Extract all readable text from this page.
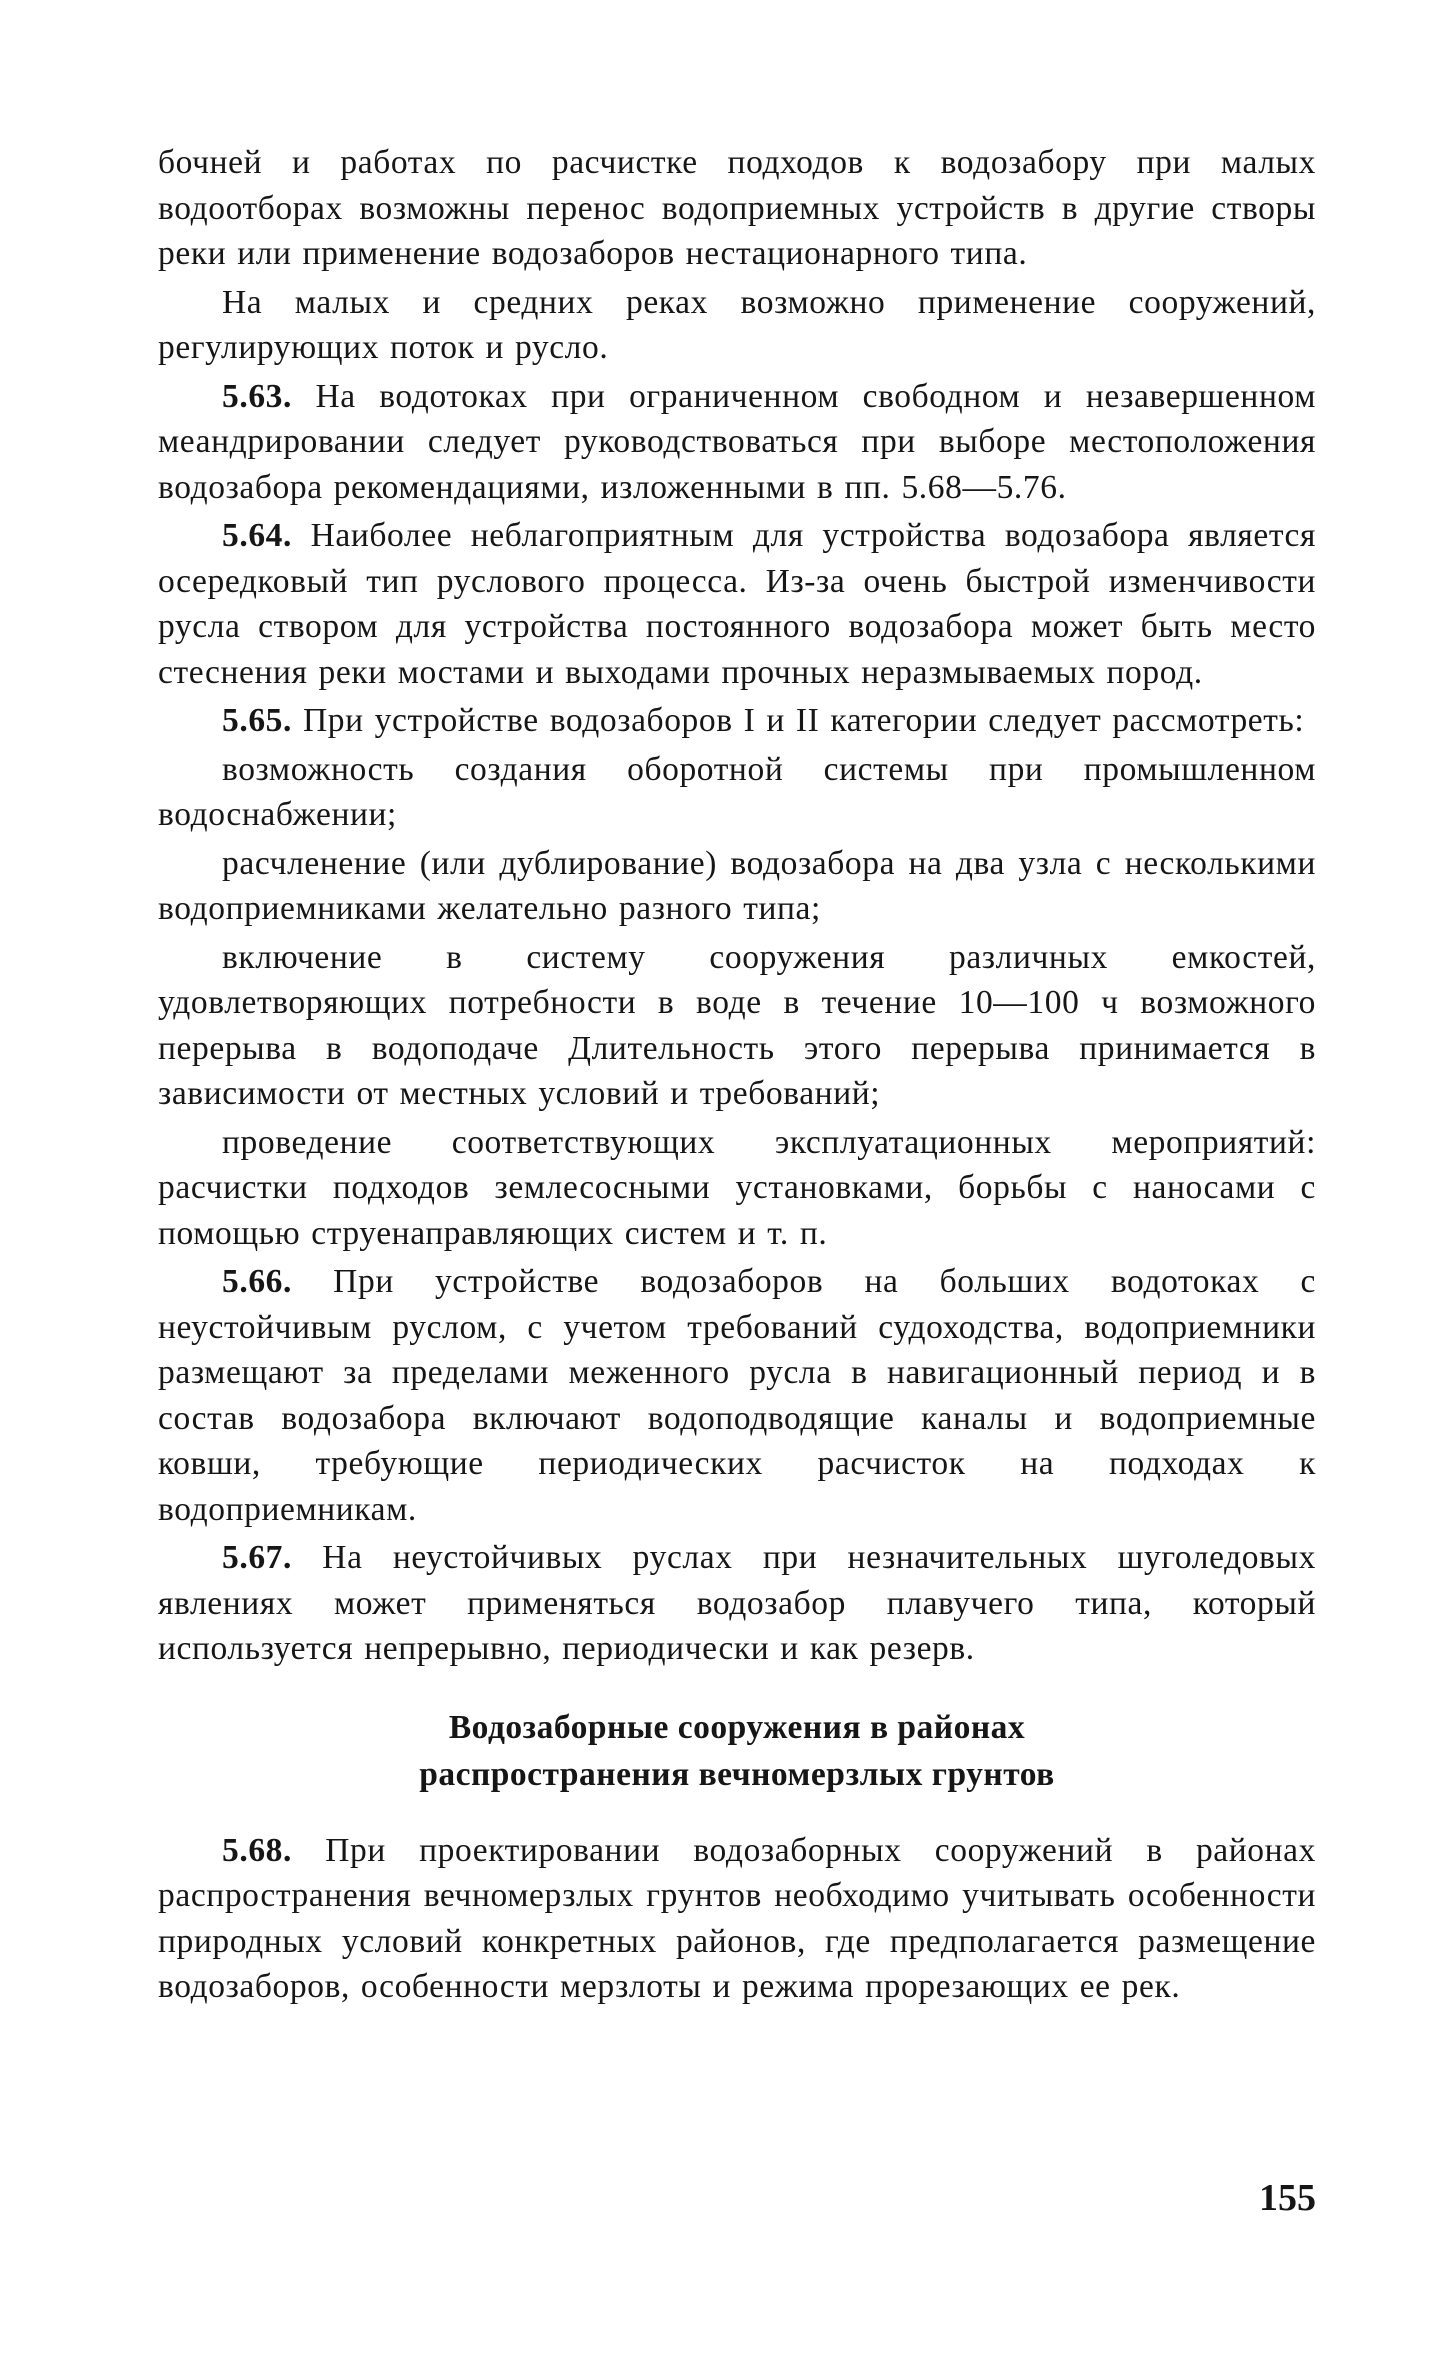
бочней и работах по расчистке подходов к водозабору при малых водоотборах возможны перенос водоприемных устройств в другие створы реки или применение водозаборов нестационарного типа.

На малых и средних реках возможно применение сооружений, регулирующих поток и русло.

5.63. На водотоках при ограниченном свободном и незавершенном меандрировании следует руководствоваться при выборе местоположения водозабора рекомендациями, изложенными в пп. 5.68—5.76.

5.64. Наиболее неблагоприятным для устройства водозабора является осередковый тип руслового процесса. Из-за очень быстрой изменчивости русла створом для устройства постоянного водозабора может быть место стеснения реки мостами и выходами прочных неразмываемых пород.

5.65. При устройстве водозаборов I и II категории следует рассмотреть:

возможность создания оборотной системы при промышленном водоснабжении;

расчленение (или дублирование) водозабора на два узла с несколькими водоприемниками желательно разного типа;

включение в систему сооружения различных емкостей, удовлетворяющих потребности в воде в течение 10—100 ч возможного перерыва в водоподаче Длительность этого перерыва принимается в зависимости от местных условий и требований;

проведение соответствующих эксплуатационных мероприятий: расчистки подходов землесосными установками, борьбы с наносами с помощью струенаправляющих систем и т. п.

5.66. При устройстве водозаборов на больших водотоках с неустойчивым руслом, с учетом требований судоходства, водоприемники размещают за пределами меженного русла в навигационный период и в состав водозабора включают водоподводящие каналы и водоприемные ковши, требующие периодических расчисток на подходах к водоприемникам.

5.67. На неустойчивых руслах при незначительных шуголедовых явлениях может применяться водозабор плавучего типа, который используется непрерывно, периодически и как резерв.

Водозаборные сооружения в районах
распространения вечномерзлых грунтов

5.68. При проектировании водозаборных сооружений в районах распространения вечномерзлых грунтов необходимо учитывать особенности природных условий конкретных районов, где предполагается размещение водозаборов, особенности мерзлоты и режима прорезающих ее рек.

155
